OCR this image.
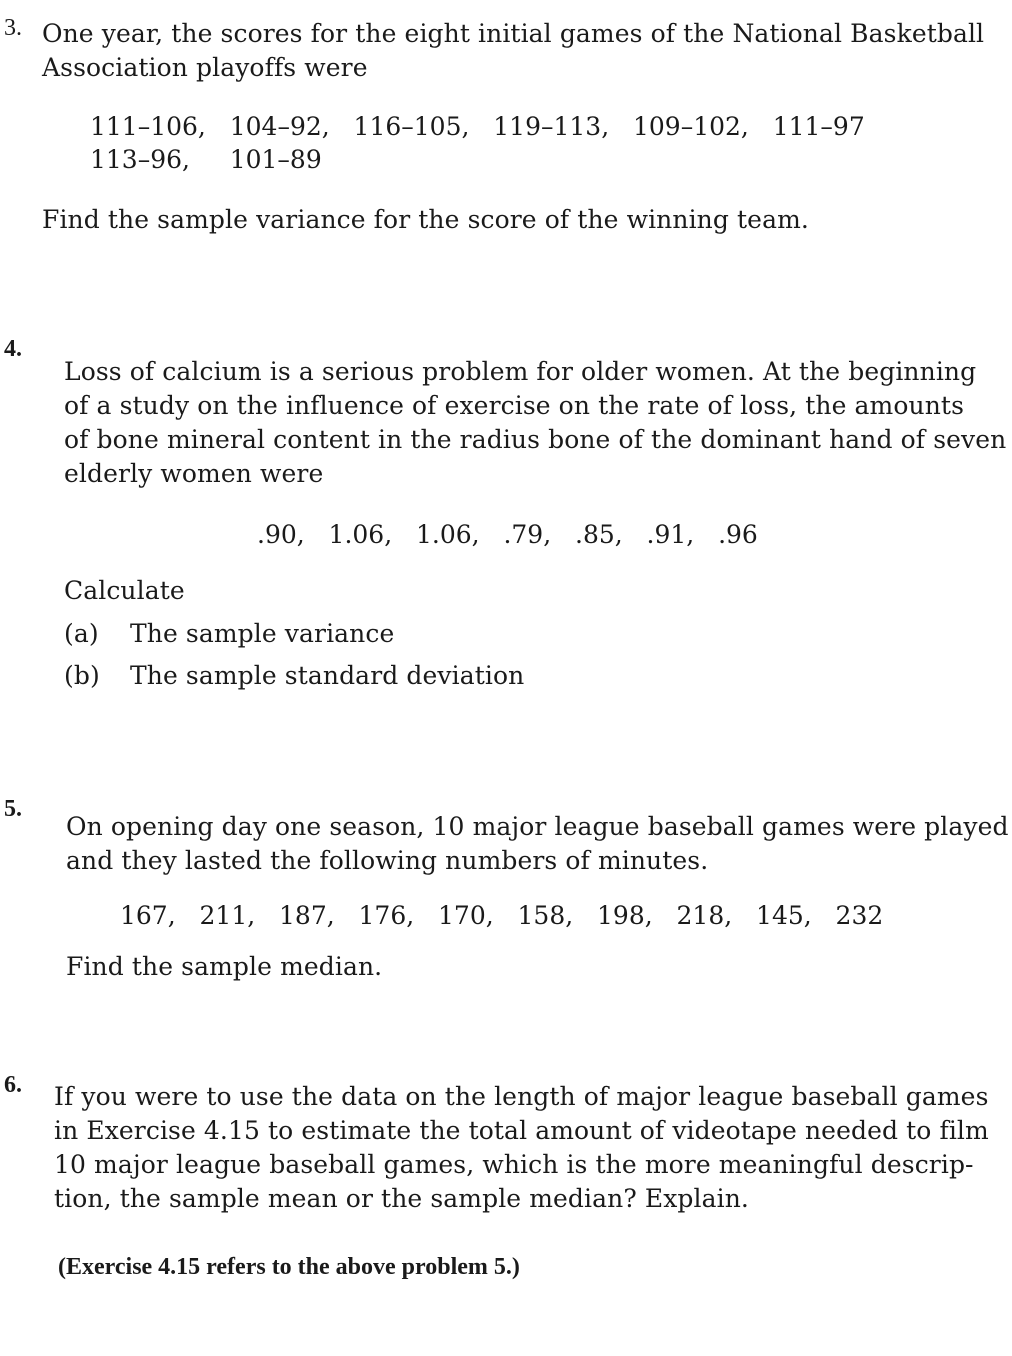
3. One year, the scores for the eight initial games of the National Basketball
Association playoffs were
111–106,   104–92,   116–105,   119–113,   109–102,   111–97
113–96,     101–89
Find the sample variance for the score of the winning team.
4.
Loss of calcium is a serious problem for older women. At the beginning
of a study on the influence of exercise on the rate of loss, the amounts
of bone mineral content in the radius bone of the dominant hand of seven
elderly women were
.90,   1.06,   1.06,   .79,   .85,   .91,   .96
Calculate
(a) The sample variance
(b) The sample standard deviation
5.
On opening day one season, 10 major league baseball games were played
and they lasted the following numbers of minutes.
167,   211,   187,   176,   170,   158,   198,   218,   145,   232
Find the sample median.
6. If you were to use the data on the length of major league baseball games
in Exercise 4.15 to estimate the total amount of videotape needed to film
10 major league baseball games, which is the more meaningful descrip-
tion, the sample mean or the sample median? Explain.
(Exercise 4.15 refers to the above problem 5.)
